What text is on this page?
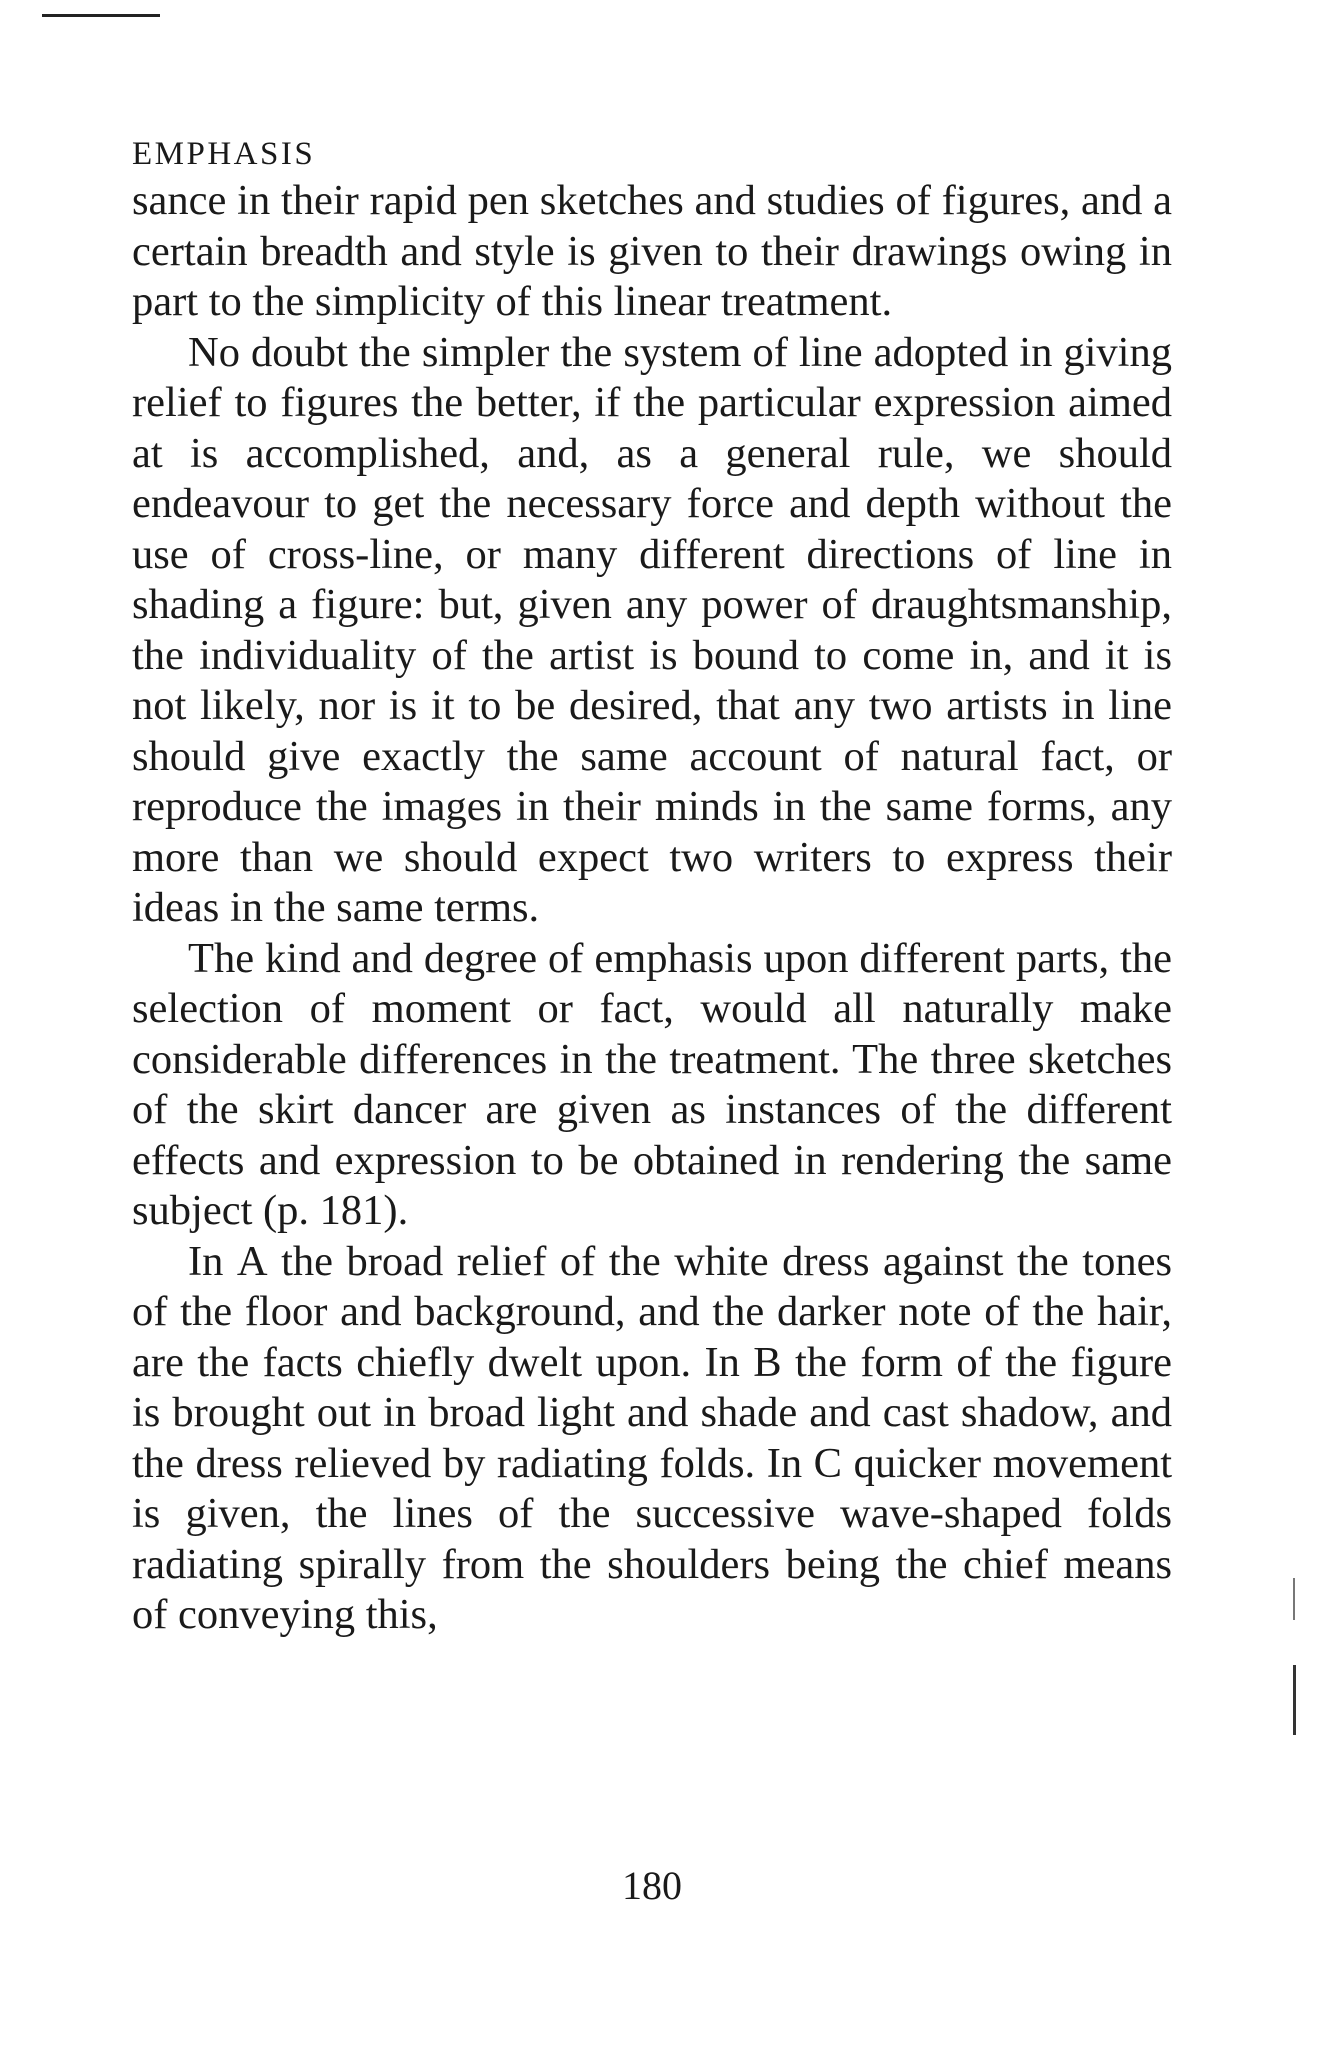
EMPHASIS

sance in their rapid pen sketches and studies of figures, and a certain breadth and style is given to their drawings owing in part to the simplicity of this linear treatment.

No doubt the simpler the system of line adopted in giving relief to figures the better, if the particular expression aimed at is accomplished, and, as a general rule, we should endeavour to get the necessary force and depth without the use of cross-line, or many different directions of line in shading a figure: but, given any power of draughtsmanship, the individuality of the artist is bound to come in, and it is not likely, nor is it to be desired, that any two artists in line should give exactly the same account of natural fact, or reproduce the images in their minds in the same forms, any more than we should expect two writers to express their ideas in the same terms.

The kind and degree of emphasis upon different parts, the selection of moment or fact, would all naturally make considerable differences in the treatment. The three sketches of the skirt dancer are given as instances of the different effects and expression to be obtained in rendering the same subject (p. 181).

In A the broad relief of the white dress against the tones of the floor and background, and the darker note of the hair, are the facts chiefly dwelt upon. In B the form of the figure is brought out in broad light and shade and cast shadow, and the dress relieved by radiating folds. In C quicker movement is given, the lines of the successive wave-shaped folds radiating spirally from the shoulders being the chief means of conveying this,

180
